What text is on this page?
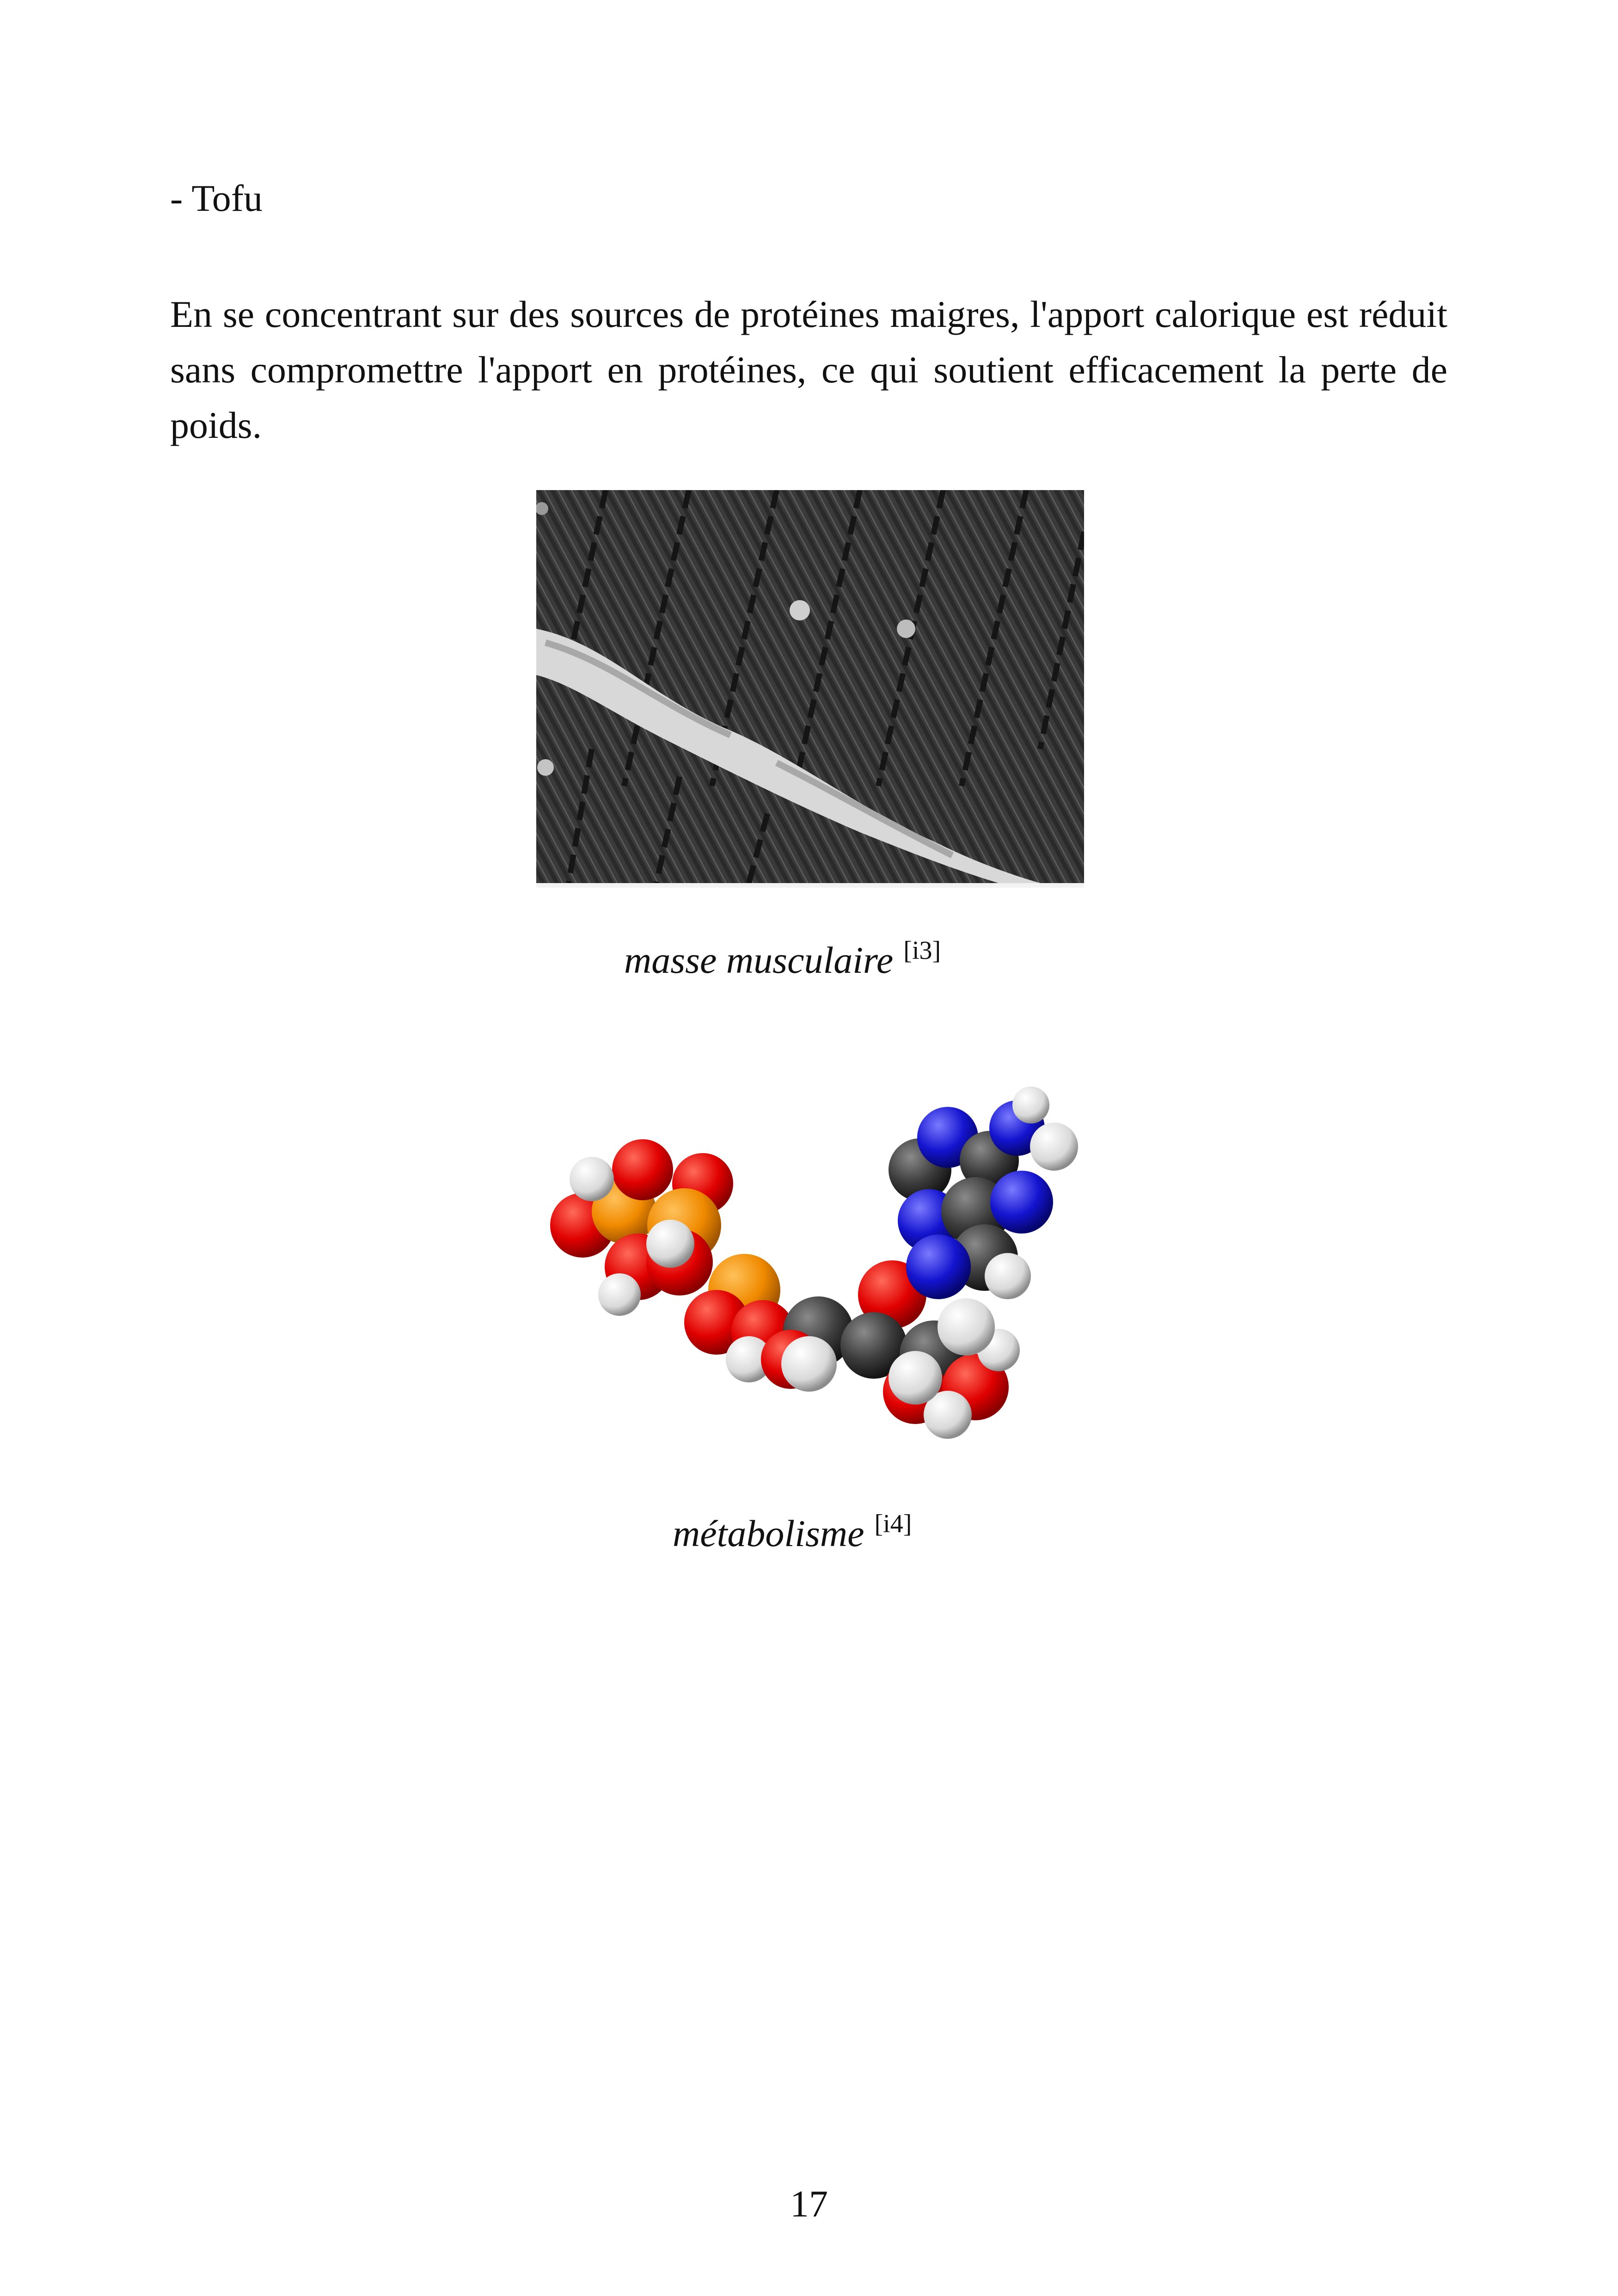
- Tofu
En se concentrant sur des sources de protéines maigres, l'apport calorique est réduit sans compromettre l'apport en protéines, ce qui soutient efficacement la perte de poids.
masse musculaire [i3]
métabolisme [i4]
17
